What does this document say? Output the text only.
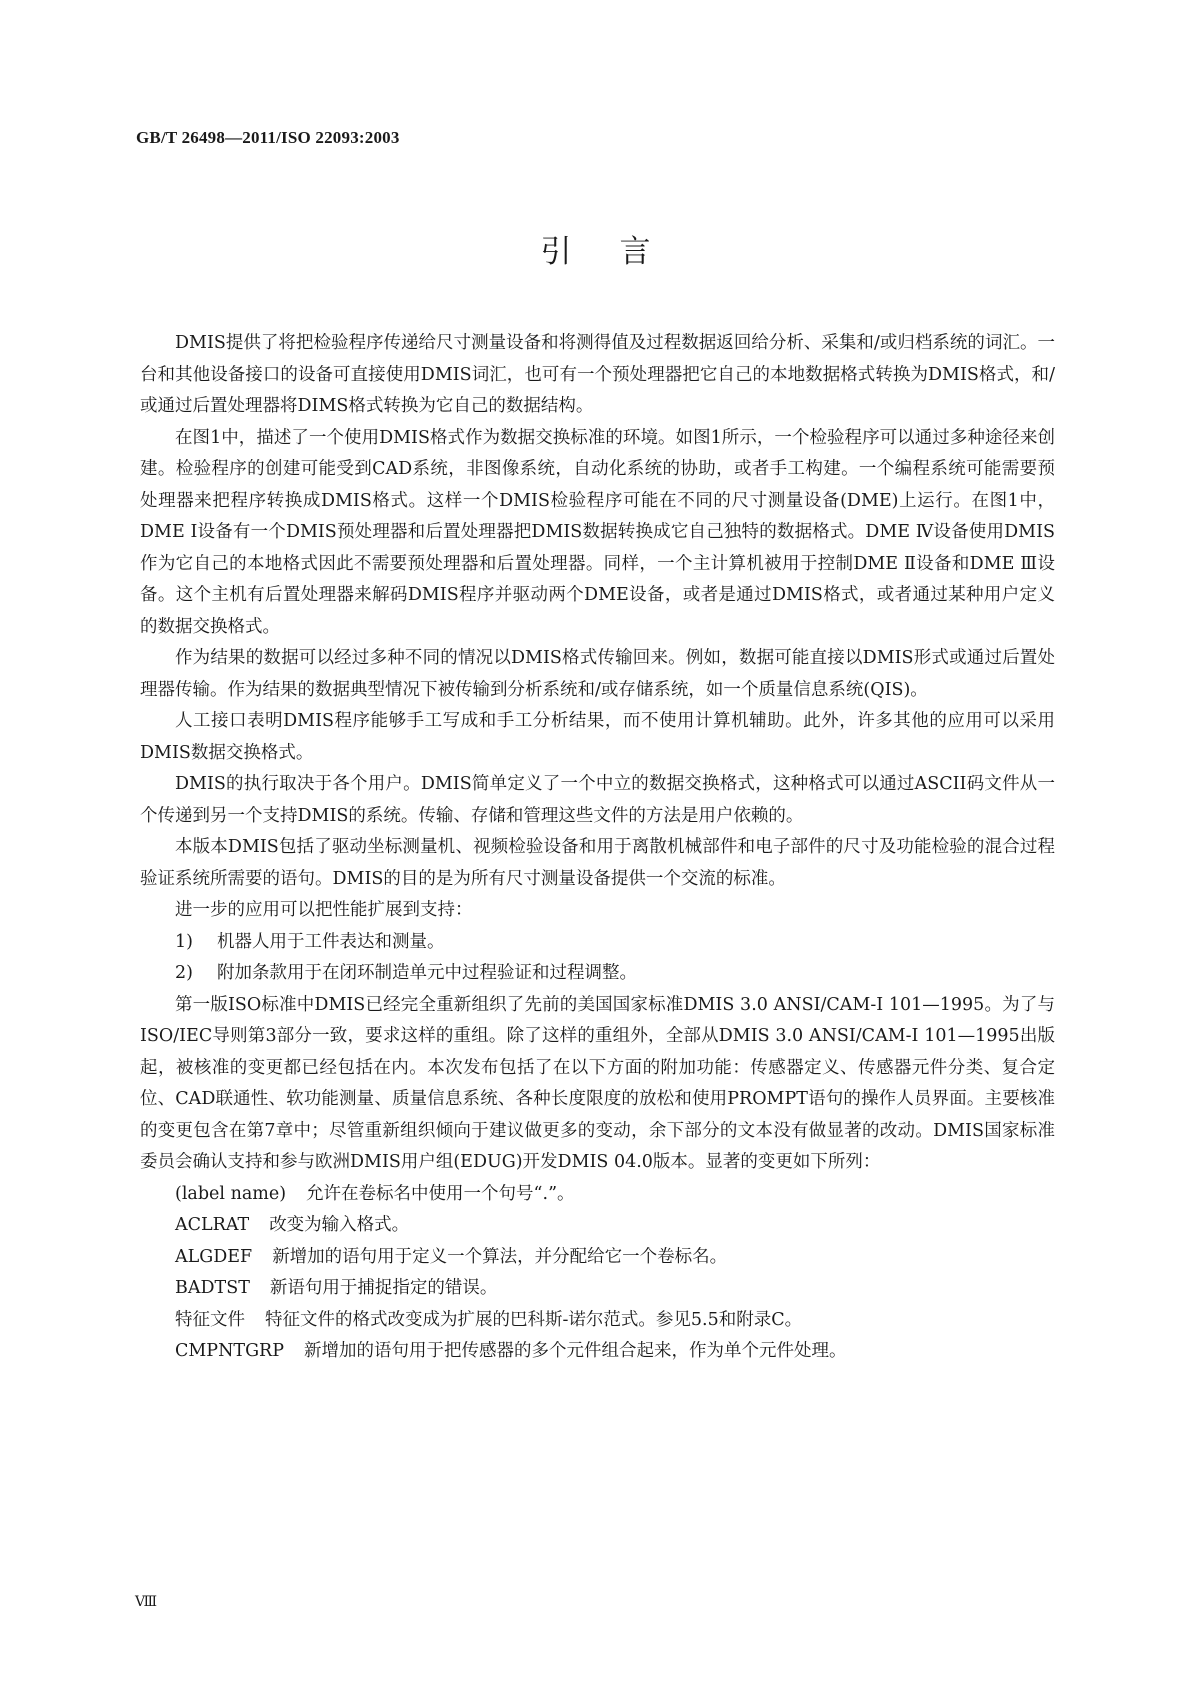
GB/T 26498—2011/ISO 22093:2003
引言

DMIS提供了将把检验程序传递给尺寸测量设备和将测得值及过程数据返回给分析、采集和/或归档系统的词汇。一台和其他设备接口的设备可直接使用DMIS词汇，也可有一个预处理器把它自己的本地数据格式转换为DMIS格式，和/或通过后置处理器将DIMS格式转换为它自己的数据结构。

在图1中，描述了一个使用DMIS格式作为数据交换标准的环境。如图1所示，一个检验程序可以通过多种途径来创建。检验程序的创建可能受到CAD系统，非图像系统，自动化系统的协助，或者手工构建。一个编程系统可能需要预处理器来把程序转换成DMIS格式。这样一个DMIS检验程序可能在不同的尺寸测量设备(DME)上运行。在图1中，DME Ⅰ设备有一个DMIS预处理器和后置处理器把DMIS数据转换成它自己独特的数据格式。DME Ⅳ设备使用DMIS作为它自己的本地格式因此不需要预处理器和后置处理器。同样，一个主计算机被用于控制DME Ⅱ设备和DME Ⅲ设备。这个主机有后置处理器来解码DMIS程序并驱动两个DME设备，或者是通过DMIS格式，或者通过某种用户定义的数据交换格式。

作为结果的数据可以经过多种不同的情况以DMIS格式传输回来。例如，数据可能直接以DMIS形式或通过后置处理器传输。作为结果的数据典型情况下被传输到分析系统和/或存储系统，如一个质量信息系统(QIS)。

人工接口表明DMIS程序能够手工写成和手工分析结果，而不使用计算机辅助。此外，许多其他的应用可以采用DMIS数据交换格式。

DMIS的执行取决于各个用户。DMIS简单定义了一个中立的数据交换格式，这种格式可以通过ASCII码文件从一个传递到另一个支持DMIS的系统。传输、存储和管理这些文件的方法是用户依赖的。

本版本DMIS包括了驱动坐标测量机、视频检验设备和用于离散机械部件和电子部件的尺寸及功能检验的混合过程验证系统所需要的语句。DMIS的目的是为所有尺寸测量设备提供一个交流的标准。

进一步的应用可以把性能扩展到支持：

1) 机器人用于工件表达和测量。
2) 附加条款用于在闭环制造单元中过程验证和过程调整。

第一版ISO标准中DMIS已经完全重新组织了先前的美国国家标准DMIS 3.0 ANSI/CAM-I 101—1995。为了与ISO/IEC导则第3部分一致，要求这样的重组。除了这样的重组外，全部从DMIS 3.0 ANSI/CAM-I 101—1995出版起，被核准的变更都已经包括在内。本次发布包括了在以下方面的附加功能：传感器定义、传感器元件分类、复合定位、CAD联通性、软功能测量、质量信息系统、各种长度限度的放松和使用PROMPT语句的操作人员界面。主要核准的变更包含在第7章中；尽管重新组织倾向于建议做更多的变动，余下部分的文本没有做显著的改动。DMIS国家标准委员会确认支持和参与欧洲DMIS用户组(EDUG)开发DMIS 04.0版本。显著的变更如下所列：

(label name) 允许在卷标名中使用一个句号“.”。
ACLRAT 改变为输入格式。
ALGDEF 新增加的语句用于定义一个算法，并分配给它一个卷标名。
BADTST 新语句用于捕捉指定的错误。
特征文件 特征文件的格式改变成为扩展的巴科斯-诺尔范式。参见5.5和附录C。
CMPNTGRP 新增加的语句用于把传感器的多个元件组合起来，作为单个元件处理。
Ⅷ
